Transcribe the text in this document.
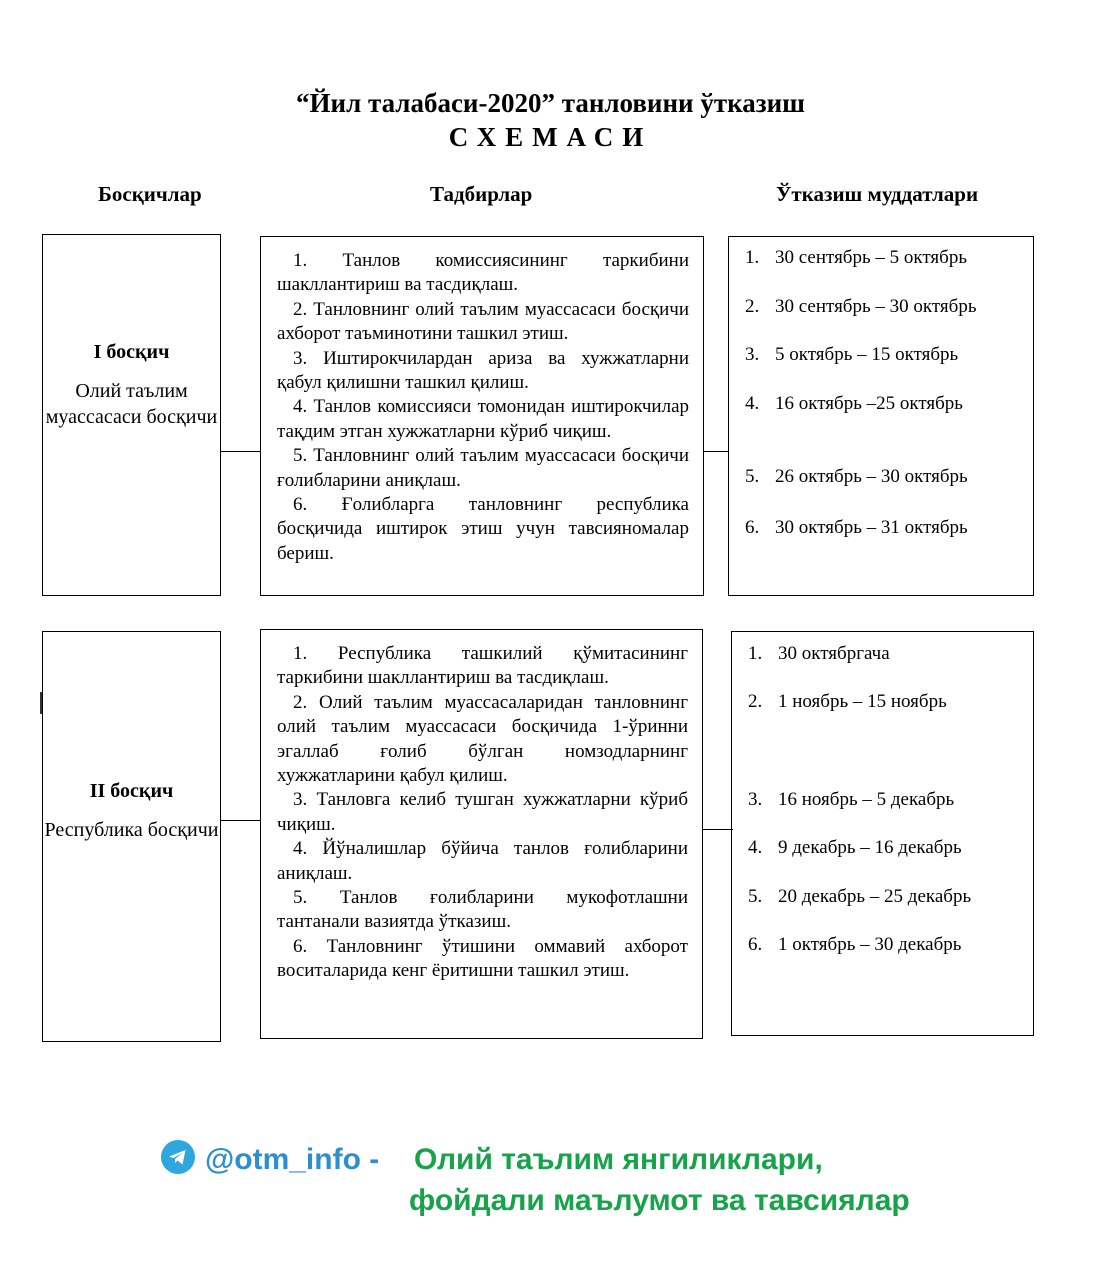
“Йил талабаси-2020” танловини ўтказиш
СХЕМАСИ
Босқичлар	Тадбирлар	Ўтказиш муддатлари
I босқич
Олий таълим муассасаси босқичи
1. Танлов комиссиясининг таркибини шакллантириш ва тасдиқлаш.
2. Танловнинг олий таълим муассасаси босқичи ахборот таъминотини ташкил этиш.
3. Иштирокчилардан ариза ва хужжатларни қабул қилишни ташкил қилиш.
4. Танлов комиссияси томонидан иштирокчилар тақдим этган хужжатларни кўриб чиқиш.
5. Танловнинг олий таълим муассасаси босқичи ғолибларини аниқлаш.
6. Ғолибларга танловнинг республика босқичида иштирок этиш учун тавсияномалар бериш.
1. 30 сентябрь – 5 октябрь
2. 30 сентябрь – 30 октябрь
3. 5 октябрь – 15 октябрь
4. 16 октябрь –25 октябрь
5. 26 октябрь – 30 октябрь
6. 30 октябрь – 31 октябрь
II босқич
Республика босқичи
1. Республика ташкилий қўмитасининг таркибини шакллантириш ва тасдиқлаш.
2. Олий таълим муассасаларидан танловнинг олий таълим муассасаси босқичида 1-ўринни эгаллаб ғолиб бўлган номзодларнинг хужжатларини қабул қилиш.
3. Танловга келиб тушган хужжатларни кўриб чиқиш.
4. Йўналишлар бўйича танлов ғолибларини аниқлаш.
5. Танлов ғолибларини мукофотлашни тантанали вазиятда ўтказиш.
6. Танловнинг ўтишини оммавий ахборот воситаларида кенг ёритишни ташкил этиш.
1. 30 октябргача
2. 1 ноябрь – 15 ноябрь
3. 16 ноябрь – 5 декабрь
4. 9 декабрь – 16 декабрь
5. 20 декабрь – 25 декабрь
6. 1 октябрь – 30 декабрь
@otm_info - Олий таълим янгиликлари,
фойдали маълумот ва тавсиялар
